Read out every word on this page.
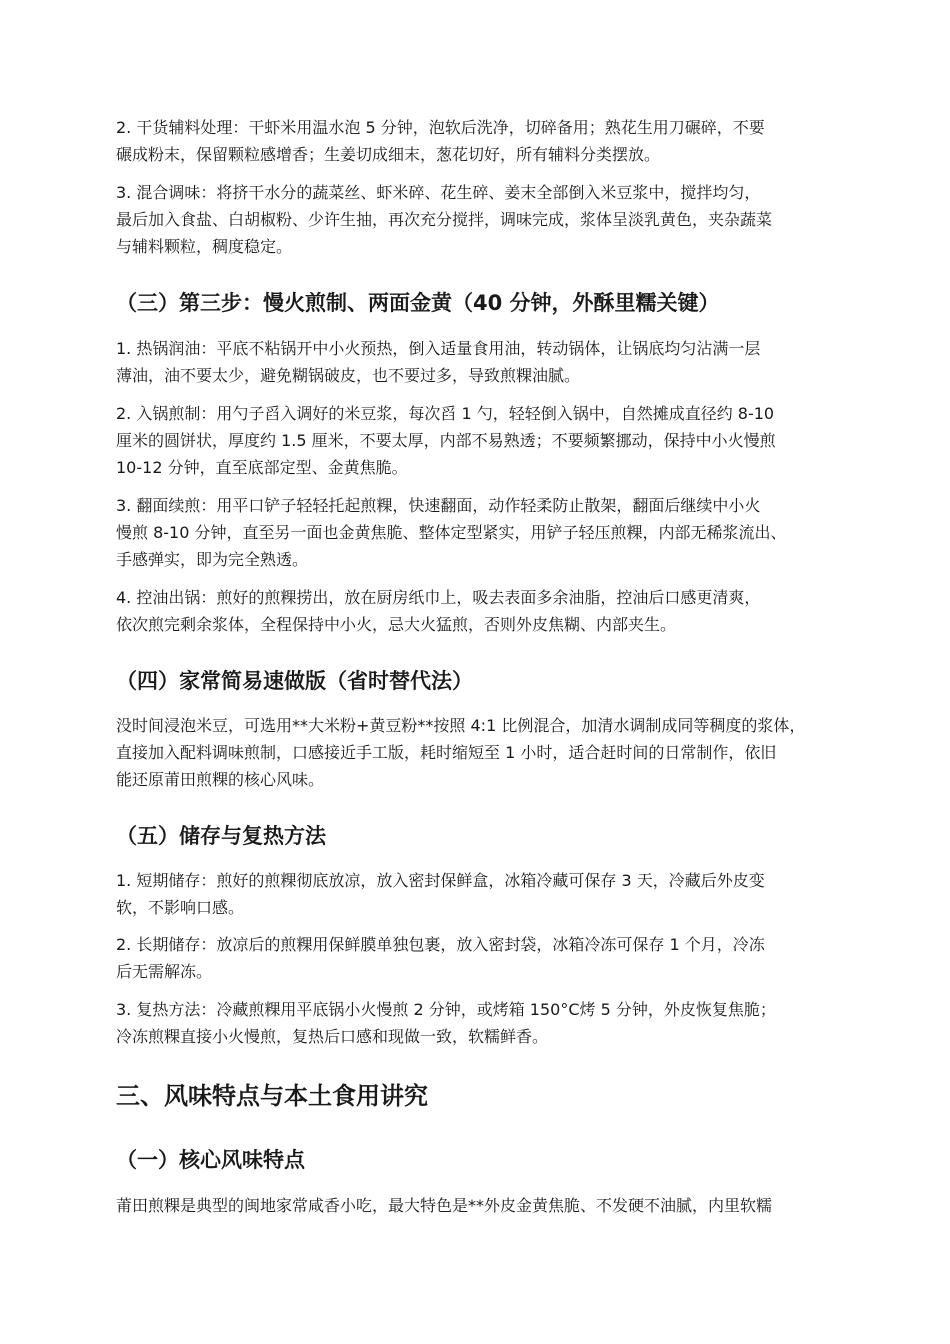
2. 干货辅料处理：干虾米用温水泡 5 分钟，泡软后洗净，切碎备用；熟花生用刀碾碎，不要
碾成粉末，保留颗粒感增香；生姜切成细末，葱花切好，所有辅料分类摆放。
3. 混合调味：将挤干水分的蔬菜丝、虾米碎、花生碎、姜末全部倒入米豆浆中，搅拌均匀，
最后加入食盐、白胡椒粉、少许生抽，再次充分搅拌，调味完成，浆体呈淡乳黄色，夹杂蔬菜
与辅料颗粒，稠度稳定。
（三）第三步：慢火煎制、两面金黄（40 分钟，外酥里糯关键）
1. 热锅润油：平底不粘锅开中小火预热，倒入适量食用油，转动锅体，让锅底均匀沾满一层
薄油，油不要太少，避免糊锅破皮，也不要过多，导致煎粿油腻。
2. 入锅煎制：用勺子舀入调好的米豆浆，每次舀 1 勺，轻轻倒入锅中，自然摊成直径约 8-10
厘米的圆饼状，厚度约 1.5 厘米，不要太厚，内部不易熟透；不要频繁挪动，保持中小火慢煎
10-12 分钟，直至底部定型、金黄焦脆。
3. 翻面续煎：用平口铲子轻轻托起煎粿，快速翻面，动作轻柔防止散架，翻面后继续中小火
慢煎 8-10 分钟，直至另一面也金黄焦脆、整体定型紧实，用铲子轻压煎粿，内部无稀浆流出、
手感弹实，即为完全熟透。
4. 控油出锅：煎好的煎粿捞出，放在厨房纸巾上，吸去表面多余油脂，控油后口感更清爽，
依次煎完剩余浆体，全程保持中小火，忌大火猛煎，否则外皮焦糊、内部夹生。
（四）家常简易速做版（省时替代法）
没时间浸泡米豆，可选用**大米粉+黄豆粉**按照 4:1 比例混合，加清水调制成同等稠度的浆体，
直接加入配料调味煎制，口感接近手工版，耗时缩短至 1 小时，适合赶时间的日常制作，依旧
能还原莆田煎粿的核心风味。
（五）储存与复热方法
1. 短期储存：煎好的煎粿彻底放凉，放入密封保鲜盒，冰箱冷藏可保存 3 天，冷藏后外皮变
软，不影响口感。
2. 长期储存：放凉后的煎粿用保鲜膜单独包裹，放入密封袋，冰箱冷冻可保存 1 个月，冷冻
后无需解冻。
3. 复热方法：冷藏煎粿用平底锅小火慢煎 2 分钟，或烤箱 150°C烤 5 分钟，外皮恢复焦脆；
冷冻煎粿直接小火慢煎，复热后口感和现做一致，软糯鲜香。
三、风味特点与本土食用讲究
（一）核心风味特点
莆田煎粿是典型的闽地家常咸香小吃，最大特色是**外皮金黄焦脆、不发硬不油腻，内里软糯
